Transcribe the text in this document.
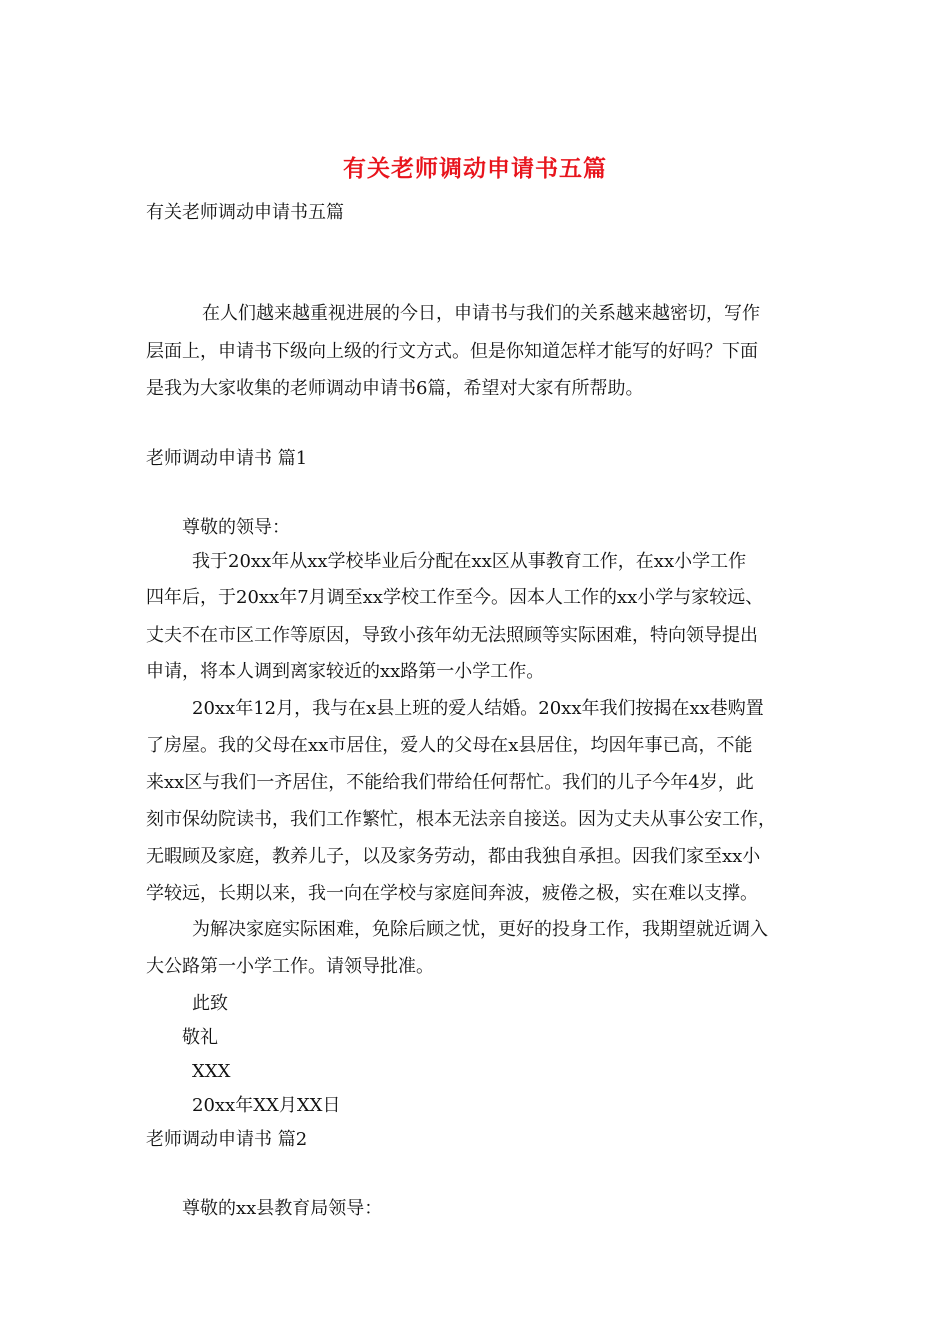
有关老师调动申请书五篇
有关老师调动申请书五篇
在人们越来越重视进展的今日，申请书与我们的关系越来越密切，写作
层面上，申请书下级向上级的行文方式。但是你知道怎样才能写的好吗？下面
是我为大家收集的老师调动申请书6篇，希望对大家有所帮助。
老师调动申请书 篇1
尊敬的领导：
我于20xx年从xx学校毕业后分配在xx区从事教育工作，在xx小学工作
四年后，于20xx年7月调至xx学校工作至今。因本人工作的xx小学与家较远、
丈夫不在市区工作等原因，导致小孩年幼无法照顾等实际困难，特向领导提出
申请，将本人调到离家较近的xx路第一小学工作。
20xx年12月，我与在x县上班的爱人结婚。20xx年我们按揭在xx巷购置
了房屋。我的父母在xx市居住，爱人的父母在x县居住，均因年事已高，不能
来xx区与我们一齐居住，不能给我们带给任何帮忙。我们的儿子今年4岁，此
刻市保幼院读书，我们工作繁忙，根本无法亲自接送。因为丈夫从事公安工作，
无暇顾及家庭，教养儿子，以及家务劳动，都由我独自承担。因我们家至xx小
学较远，长期以来，我一向在学校与家庭间奔波，疲倦之极，实在难以支撑。
为解决家庭实际困难，免除后顾之忧，更好的投身工作，我期望就近调入
大公路第一小学工作。请领导批准。
此致
敬礼
XXX
20xx年XX月XX日
老师调动申请书 篇2
尊敬的xx县教育局领导：
